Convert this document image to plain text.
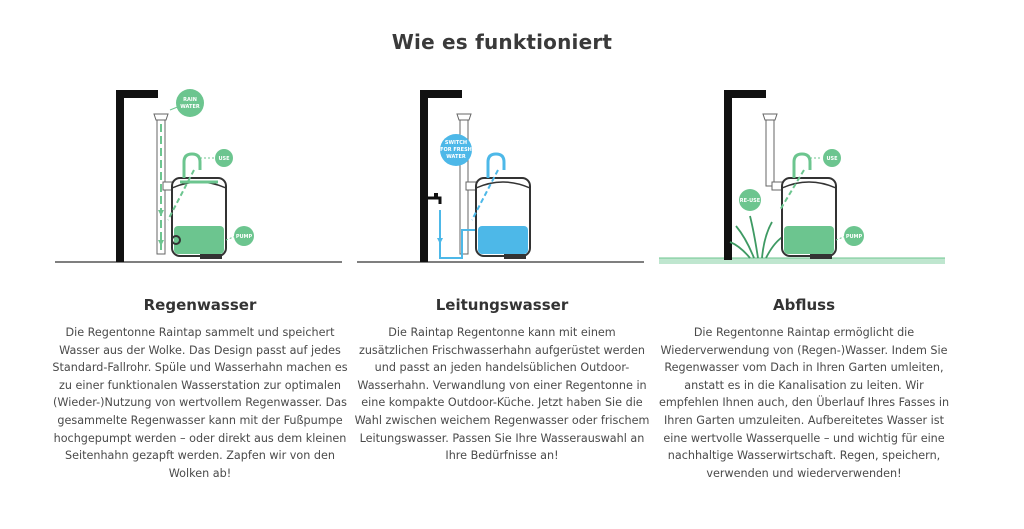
Wie es funktioniert
RAIN
WATER
USE
PUMP
Regenwasser

Die Regentonne Raintap sammelt und speichert Wasser aus der Wolke. Das Design passt auf jedes Standard-Fallrohr. Spüle und Wasserhahn machen es zu einer funktionalen Wasserstation zur optimalen (Wieder-)Nutzung von wertvollem Regenwasser. Das gesammelte Regenwasser kann mit der Fußpumpe hochgepumpt werden – oder direkt aus dem kleinen Seitenhahn gezapft werden. Zapfen wir von den Wolken ab!

SWITCH
FOR FRESH
WATER
Leitungswasser

Die Raintap Regentonne kann mit einem zusätzlichen Frischwasserhahn aufgerüstet werden und passt an jeden handelsüblichen Outdoor-Wasserhahn. Verwandlung von einer Regentonne in eine kompakte Outdoor-Küche. Jetzt haben Sie die Wahl zwischen weichem Regenwasser oder frischem Leitungswasser. Passen Sie Ihre Wasserauswahl an Ihre Bedürfnisse an!

RE-USE
USE
PUMP
Abfluss

Die Regentonne Raintap ermöglicht die Wiederverwendung von (Regen-)Wasser. Indem Sie Regenwasser vom Dach in Ihren Garten umleiten, anstatt es in die Kanalisation zu leiten. Wir empfehlen Ihnen auch, den Überlauf Ihres Fasses in Ihren Garten umzuleiten. Aufbereitetes Wasser ist eine wertvolle Wasserquelle – und wichtig für eine nachhaltige Wasserwirtschaft. Regen, speichern, verwenden und wiederverwenden!
